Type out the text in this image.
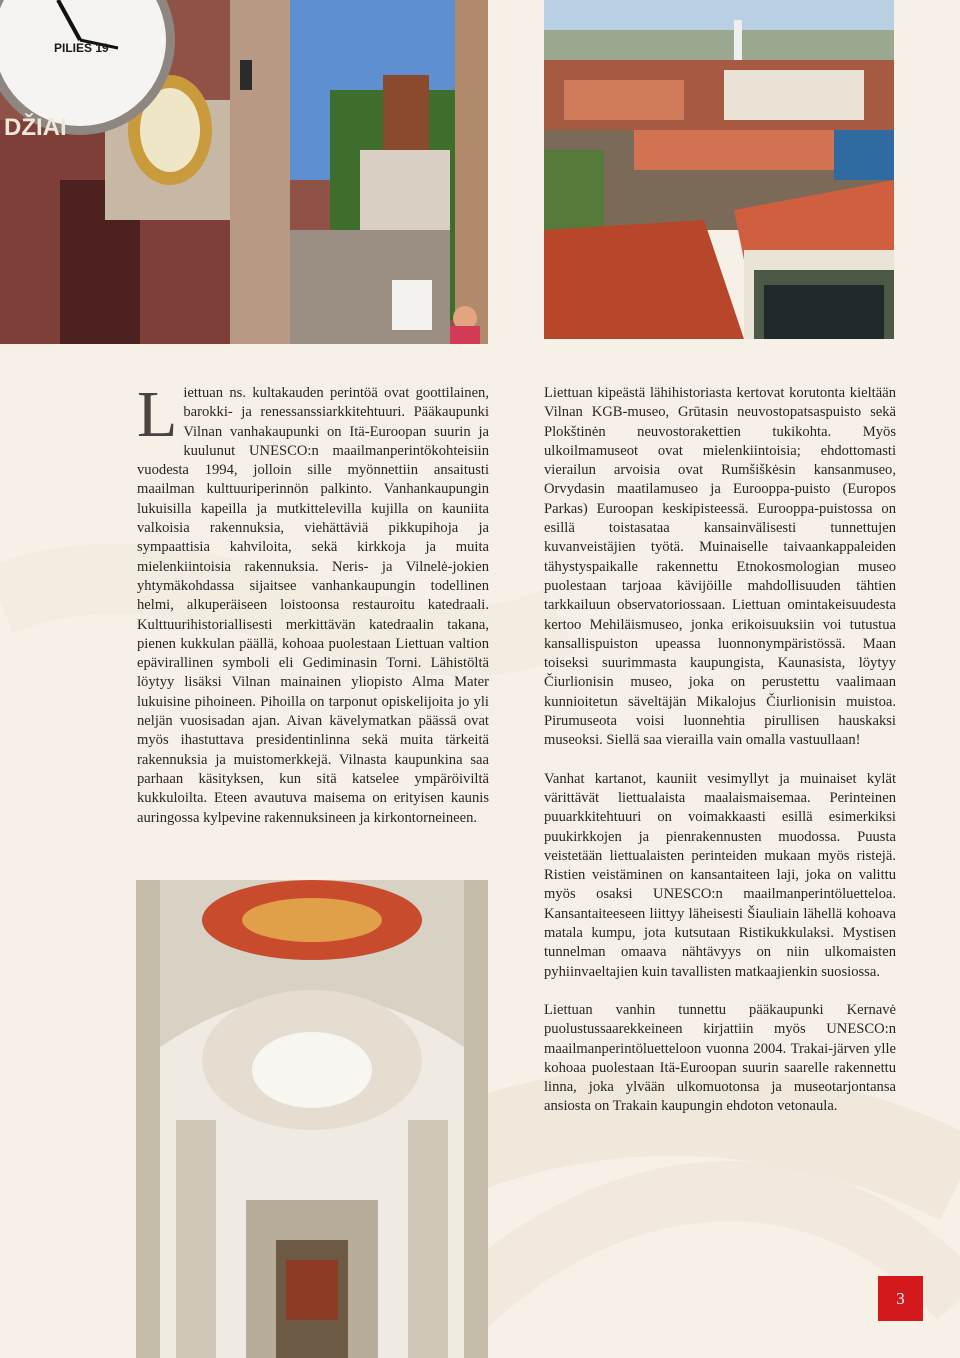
PILIES 19
DŽIAI
L iettuan ns. kultakauden perintöä ovat goottilainen, barokki- ja renessanssiarkkitehtuuri. Pääkaupunki Vilnan vanhakaupunki on Itä-Euroopan suurin ja kuulunut UNESCO:n maailmanperintökohteisiin vuodesta 1994, jolloin sille myönnettiin ansaitusti maailman kulttuuriperinnön palkinto. Vanhankaupungin lukuisilla kapeilla ja mutkittelevilla kujilla on kauniita valkoisia rakennuksia, viehättäviä pikkupihoja ja sympaattisia kahviloita, sekä kirkkoja ja muita mielenkiintoisia rakennuksia. Neris- ja Vilnelė-jokien yhtymäkohdassa sijaitsee vanhankaupungin todellinen helmi, alkuperäiseen loistoonsa restauroitu katedraali. Kulttuurihistoriallisesti merkittävän katedraalin takana, pienen kukkulan päällä, kohoaa puolestaan Liettuan valtion epävirallinen symboli eli Gediminasin Torni. Lähistöltä löytyy lisäksi Vilnan mainainen yliopisto Alma Mater lukuisine pihoineen. Pihoilla on tarponut opiskelijoita jo yli neljän vuosisadan ajan. Aivan kävelymatkan päässä ovat myös ihastuttava presidentinlinna sekä muita tärkeitä rakennuksia ja muistomerkkejä. Vilnasta kaupunkina saa parhaan käsityksen, kun sitä katselee ympäröiviltä kukkuloilta. Eteen avautuva maisema on erityisen kaunis auringossa kylpevine rakennuksineen ja kirkontorneineen.

Liettuan kipeästä lähihistoriasta kertovat korutonta kieltään Vilnan KGB-museo, Grūtasin neuvostopatsaspuisto sekä Plokštinėn neuvostorakettien tukikohta. Myös ulkoilmamuseot ovat mielenkiintoisia; ehdottomasti vierailun arvoisia ovat Rumšiškėsin kansanmuseo, Orvydasin maatilamuseo ja Eurooppa-puisto (Europos Parkas) Euroopan keskipisteessä. Eurooppa-puistossa on esillä toistasataa kansainvälisesti tunnettujen kuvanveistäjien työtä. Muinaiselle taivaankappaleiden tähystyspaikalle rakennettu Etnokosmologian museo puolestaan tarjoaa kävijöille mahdollisuuden tähtien tarkkailuun observatoriossaan. Liettuan omintakeisuudesta kertoo Mehiläismuseo, jonka erikoisuuksiin voi tutustua kansallispuiston upeassa luonnonympäristössä. Maan toiseksi suurimmasta kaupungista, Kaunasista, löytyy Čiurlionisin museo, joka on perustettu vaalimaan kunnioitetun säveltäjän Mikalojus Čiurlionisin muistoa. Pirumuseota voisi luonnehtia pirullisen hauskaksi museoksi. Siellä saa vierailla vain omalla vastuullaan!

Vanhat kartanot, kauniit vesimyllyt ja muinaiset kylät värittävät liettualaista maalaismaisemaa. Perinteinen puuarkkitehtuuri on voimakkaasti esillä esimerkiksi puukirkkojen ja pienrakennusten muodossa. Puusta veistetään liettualaisten perinteiden mukaan myös ristejä. Ristien veistäminen on kansantaiteen laji, joka on valittu myös osaksi UNESCO:n maailmanperintöluetteloa. Kansantaiteeseen liittyy läheisesti Šiauliain lähellä kohoava matala kumpu, jota kutsutaan Ristikukkulaksi. Mystisen tunnelman omaava nähtävyys on niin ulkomaisten pyhiinvaeltajien kuin tavallisten matkaajienkin suosiossa.

Liettuan vanhin tunnettu pääkaupunki Kernavė puolustussaarekkeineen kirjattiin myös UNESCO:n maailmanperintöluetteloon vuonna 2004. Trakai-järven ylle kohoaa puolestaan Itä-Euroopan suurin saarelle rakennettu linna, joka ylvään ulkomuotonsa ja museotarjontansa ansiosta on Trakain kaupungin ehdoton vetonaula.

3
